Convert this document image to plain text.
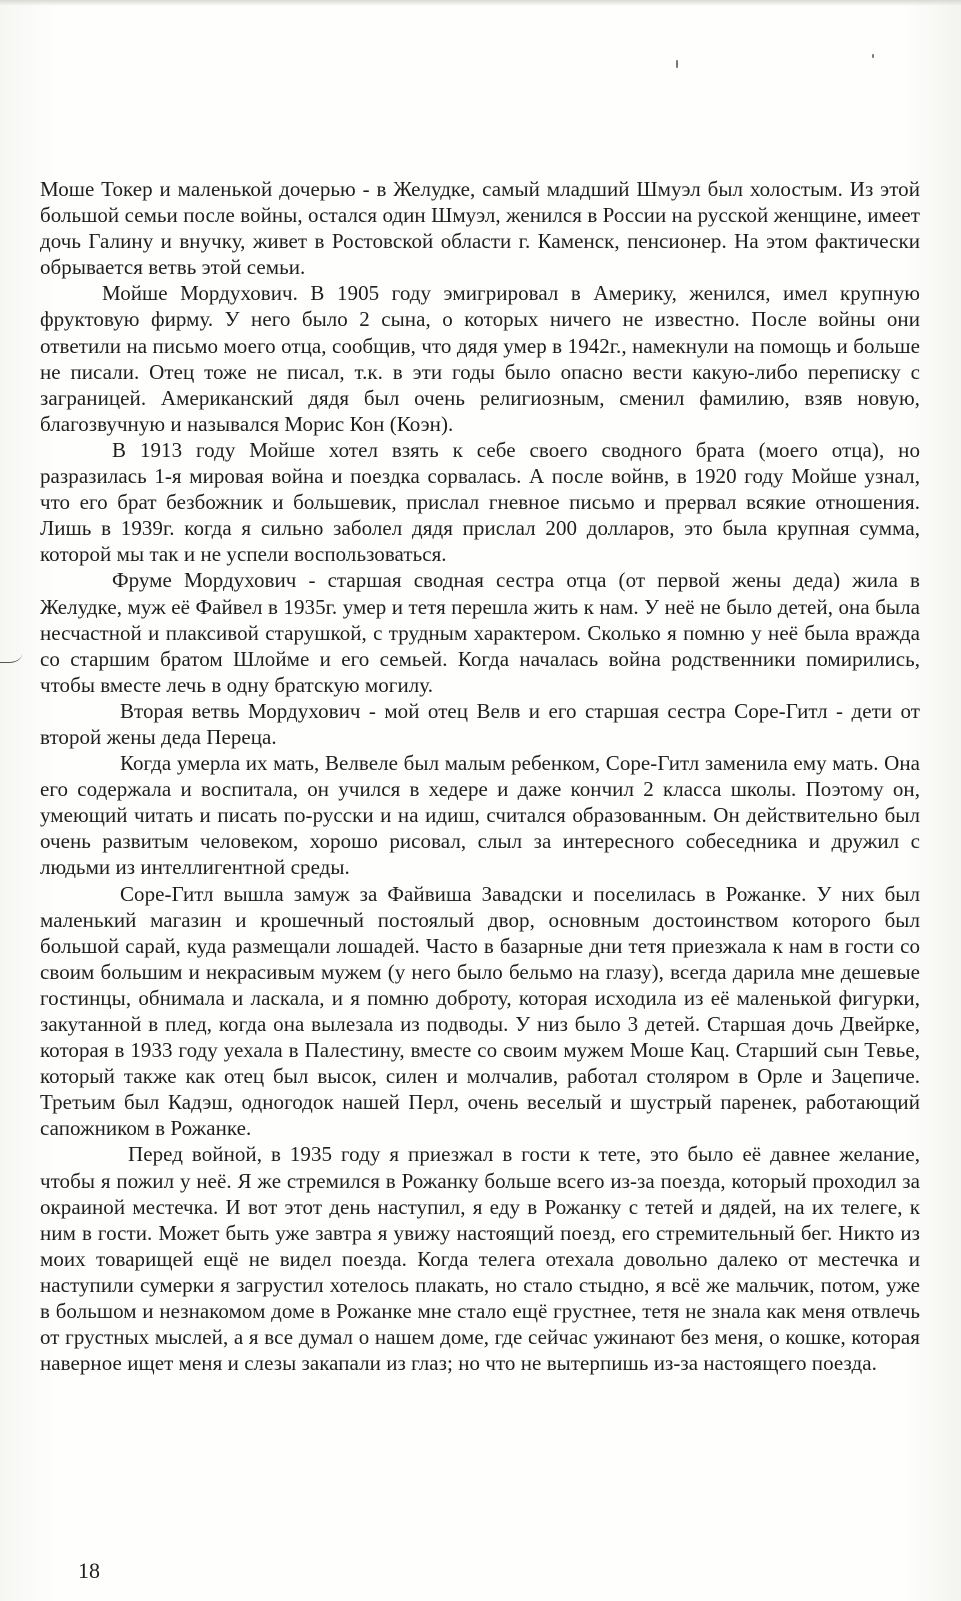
Моше Токер и маленькой дочерью - в Желудке, самый младший Шмуэл был холостым. Из этой большой семьи после войны, остался один Шмуэл, женился в России на русской женщине, имеет дочь Галину и внучку, живет в Ростовской области г. Каменск, пенсионер. На этом фактически обрывается ветвь этой семьи.

Мойше Мордухович. В 1905 году эмигрировал в Америку, женился, имел крупную фруктовую фирму. У него было 2 сына, о которых ничего не известно. После войны они ответили на письмо моего отца, сообщив, что дядя умер в 1942г., намекнули на помощь и больше не писали. Отец тоже не писал, т.к. в эти годы было опасно вести какую-либо переписку с заграницей. Американский дядя был очень религиозным, сменил фамилию, взяв новую, благозвучную и назывался Морис Кон (Коэн).

В 1913 году Мойше хотел взять к себе своего сводного брата (моего отца), но разразилась 1-я мировая война и поездка сорвалась. А после войнв, в 1920 году Мойше узнал, что его брат безбожник и большевик, прислал гневное письмо и прервал всякие отношения. Лишь в 1939г. когда я сильно заболел дядя прислал 200 долларов, это была крупная сумма, которой мы так и не успели воспользоваться.

Фруме Мордухович - старшая сводная сестра отца (от первой жены деда) жила в Желудке, муж её Файвел в 1935г. умер и тетя перешла жить к нам. У неё не было детей, она была несчастной и плаксивой старушкой, с трудным характером. Сколько я помню у неё была вражда со старшим братом Шлойме и его семьей. Когда началась война родственники помирились, чтобы вместе лечь в одну братскую могилу.

Вторая ветвь Мордухович - мой отец Велв и его старшая сестра Соре-Гитл - дети от второй жены деда Переца.

Когда умерла их мать, Велвеле был малым ребенком, Соре-Гитл заменила ему мать. Она его содержала и воспитала, он учился в хедере и даже кончил 2 класса школы. Поэтому он, умеющий читать и писать по-русски и на идиш, считался образованным. Он действительно был очень развитым человеком, хорошо рисовал, слыл за интересного собеседника и дружил с людьми из интеллигентной среды.

Соре-Гитл вышла замуж за Файвиша Завадски и поселилась в Рожанке. У них был маленький магазин и крошечный постоялый двор, основным достоинством которого был большой сарай, куда размещали лошадей. Часто в базарные дни тетя приезжала к нам в гости со своим большим и некрасивым мужем (у него было бельмо на глазу), всегда дарила мне дешевые гостинцы, обнимала и ласкала, и я помню доброту, которая исходила из её маленькой фигурки, закутанной в плед, когда она вылезала из подводы. У низ было 3 детей. Старшая дочь Двейрке, которая в 1933 году уехала в Палестину, вместе со своим мужем Моше Кац. Старший сын Тевье, который также как отец был высок, силен и молчалив, работал столяром в Орле и Зацепиче. Третьим был Кадэш, одногодок нашей Перл, очень веселый и шустрый паренек, работающий сапожником в Рожанке.

Перед войной, в 1935 году я приезжал в гости к тете, это было её давнее желание, чтобы я пожил у неё. Я же стремился в Рожанку больше всего из-за поезда, который проходил за окраиной местечка. И вот этот день наступил, я еду в Рожанку с тетей и дядей, на их телеге, к ним в гости. Может быть уже завтра я увижу настоящий поезд, его стремительный бег. Никто из моих товарищей ещё не видел поезда. Когда телега отехала довольно далеко от местечка и наступили сумерки я загрустил хотелось плакать, но стало стыдно, я всё же мальчик, потом, уже в большом и незнакомом доме в Рожанке мне стало ещё грустнее, тетя не знала как меня отвлечь от грустных мыслей, а я все думал о нашем доме, где сейчас ужинают без меня, о кошке, которая наверное ищет меня и слезы закапали из глаз; но что не вытерпишь из-за настоящего поезда.

18
